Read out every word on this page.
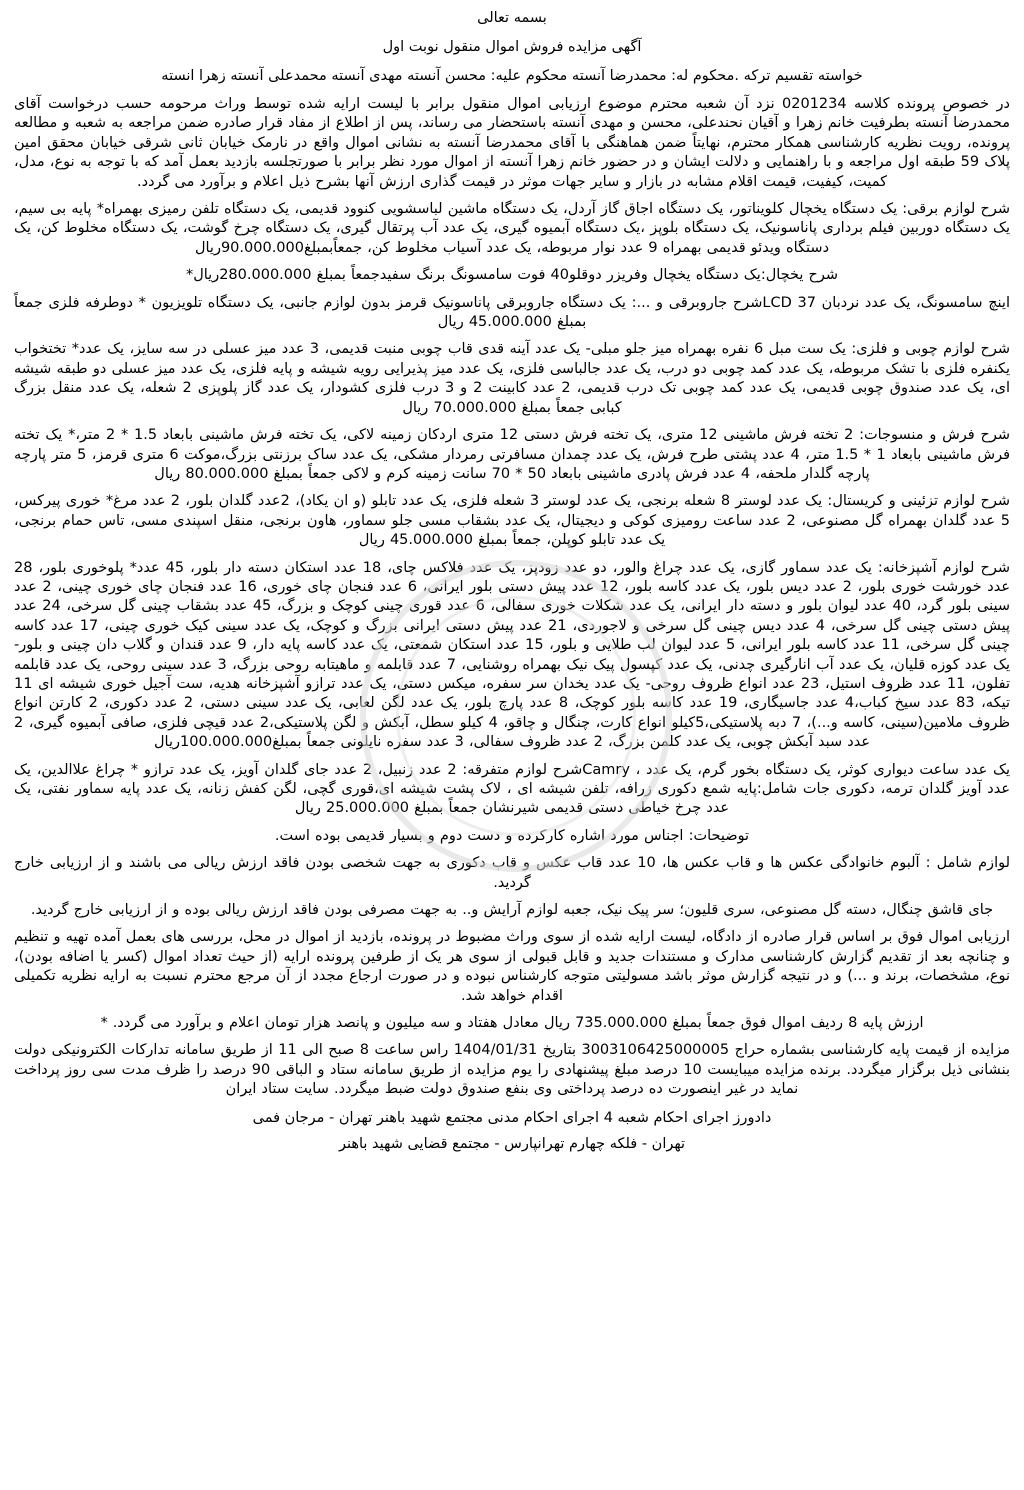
بسمه تعالی
آگهی مزایده فروش اموال منقول نوبت اول
خواسته تقسیم ترکه .محکوم له: محمدرضا آنسته محکوم علیه: محسن آنسته مهدی آنسته محمدعلی آنسته زهرا انسته

در خصوص پرونده کلاسه 0201234 نزد آن شعبه محترم موضوع ارزیابی اموال منقول برابر با لیست ارایه شده توسط وراث مرحومه حسب درخواست آقای محمدرضا آنسته بطرفیت خانم زهرا و آقیان نحندعلی، محسن و مهدی آنسته باستحضار می رساند، پس از اطلاع از مفاد قرار صادره ضمن مراجعه به شعبه و مطالعه پرونده، رویت نظریه کارشناسی همکار محترم، نهایتاً ضمن هماهنگی با آقای محمدرضا آنسته به نشانی اموال واقع در نارمک خیابان ثانی شرقی خیابان محقق امین پلاک 59 طبقه اول مراجعه و با راهنمایی و دلالت ایشان و در حضور خانم زهرا آنسته از اموال مورد نظر برابر با صورتجلسه بازدید بعمل آمد که با توجه به نوع، مدل، کمیت، کیفیت، قیمت اقلام مشابه در بازار و سایر جهات موثر در قیمت گذاری ارزش آنها بشرح ذیل اعلام و برآورد می گردد.

شرح لوازم برقی: یک دستگاه یخچال کلویناتور، یک دستگاه اجاق گاز آردل، یک دستگاه ماشین لباسشویی کنوود قدیمی، یک دستگاه تلفن رمیزی بهمراه* پایه بی سیم، یک دستگاه دوربین فیلم برداری پاناسونیک، یک دستگاه بلوپز ،یک دستگاه آبمیوه گیری، یک عدد آب پرتقال گیری، یک دستگاه چرخ گوشت، یک دستگاه مخلوط کن، یک دستگاه ویدئو قدیمی بهمراه 9 عدد نوار مربوطه، یک عدد آسیاب مخلوط کن، جمعاًبمبلغ90.000.000ریال

شرح یخچال:یک دستگاه یخچال وفریزر دوقلو40 فوت سامسونگ برنگ سفیدجمعاً بمبلغ 280.000.000ریال*

اینچ سامسونگ، یک عدد نردبان 37 LCDشرح جاروبرقی و ...: یک دستگاه جاروبرقی پاناسونیک قرمز بدون لوازم جانبی، یک دستگاه تلویزیون * دوطرفه فلزی جمعاً بمبلغ 45.000.000 ریال

شرح لوازم چوبی و فلزی: یک ست مبل 6 نفره بهمراه میز جلو مبلی- یک عدد آینه قدی قاب چوبی منبت قدیمی، 3 عدد میز عسلی در سه سایز، یک عدد* تختخواب یکنفره فلزی با تشک مربوطه، یک عدد کمد چوبی دو درب، یک عدد جالباسی فلزی، یک عدد میز پذیرایی رویه شیشه و پایه فلزی، یک عدد میز عسلی دو طبقه شیشه ای، یک عدد صندوق چوبی قدیمی، یک عدد کمد چوبی تک درب قدیمی، 2 عدد کابینت 2 و 3 درب فلزی کشودار، یک عدد گاز پلوپزی 2 شعله، یک عدد منقل بزرگ کبابی جمعاً بمبلغ 70.000.000 ریال

شرح فرش و منسوجات: 2 تخته فرش ماشینی 12 متری، یک تخته فرش دستی 12 متری اردکان زمینه لاکی، یک تخته فرش ماشینی بابعاد 1.5 * 2 متر،* یک تخته فرش ماشینی بابعاد 1 * 1.5 متر، 4 عدد پشتی طرح فرش، یک عدد چمدان مسافرتی رمردار مشکی، یک عدد ساک برزنتی بزرگ،موکت 6 متری قرمز، 5 متر پارچه پارچه گلدار ملحفه، 4 عدد فرش پادری ماشینی بابعاد 50 * 70 سانت زمینه کرم و لاکی جمعاً بمبلغ 80.000.000 ریال

شرح لوازم تزئینی و کریستال: یک عدد لوستر 8 شعله برنجی، یک عدد لوستر 3 شعله فلزی، یک عدد تابلو (و ان یکاد)، 2عدد گلدان بلور، 2 عدد مرغ* خوری پیرکس، 5 عدد گلدان بهمراه گل مصنوعی، 2 عدد ساعت رومیزی کوکی و دیجیتال، یک عدد بشقاب مسی جلو سماور، هاون برنجی، منقل اسپندی مسی، تاس حمام برنجی، یک عدد تابلو کوپلن، جمعاً بمبلغ 45.000.000 ریال

شرح لوازم آشپزخانه: یک عدد سماور گازی، یک عدد چراغ والور، دو عدد زودپز، یک عدد فلاکس چای، 18 عدد استکان دسته دار بلور، 45 عدد* پلوخوری بلور، 28 عدد خورشت خوری بلور، 2 عدد دیس بلور، یک عدد کاسه بلور، 12 عدد پیش دستی بلور ایرانی، 6 عدد فنجان چای خوری، 16 عدد فنجان چای خوری چینی، 2 عدد سینی بلور گرد، 40 عدد لیوان بلور و دسته دار ایرانی، یک عدد شکلات خوری سفالی، 6 عدد قوری چینی کوچک و بزرگ، 45 عدد بشقاب چینی گل سرخی، 24 عدد پیش دستی چینی گل سرخی، 4 عدد دیس چینی گل سرخی و لاجوردی، 21 عدد پیش دستی ایرانی بزرگ و کوچک، یک عدد سینی کیک خوری چینی، 17 عدد کاسه چینی گل سرخی، 11 عدد کاسه بلور ایرانی، 5 عدد لیوان لب طلایی و بلور، 15 عدد استکان شمعتی، یک عدد کاسه پایه دار، 9 عدد قندان و گلاب دان چینی و بلور- یک عدد کوزه قلیان، یک عدد آب انارگیری چدنی، یک عدد کپسول پیک نیک بهمراه روشنایی، 7 عدد قابلمه و ماهیتابه روحی بزرگ، 3 عدد سینی روحی، یک عدد قابلمه تفلون، 11 عدد ظروف استیل، 23 عدد انواع ظروف روحی- یک عدد یخدان سر سفره، میکس دستی، یک عدد ترازو آشپزخانه هدیه، ست آجیل خوری شیشه ای 11 تیکه، 83 عدد سیخ کباب،4 عدد جاسیگاری، 19 عدد کاسه بلور کوچک، 8 عدد پارچ بلور، یک عدد لگن لعابی، یک عدد سینی دستی، 2 عدد دکوری، 2 کارتن انواع ظروف ملامین(سینی، کاسه و...)، 7 دبه پلاستیکی،5کیلو انواع کارت، چنگال و چاقو، 4 کیلو سطل، آبکش و لگن پلاستیکی،2 عدد قیچی فلزی، صافی آبمیوه گیری، 2 عدد سبد آبکش چوبی، یک عدد کلمن بزرگ، 2 عدد ظروف سفالی، 3 عدد سفره نایلونی جمعاً بمبلغ100.000.000ریال

یک عدد ساعت دیواری کوثر، یک دستگاه بخور گرم، یک عدد ، Camryشرح لوازم متفرقه: 2 عدد زنبیل، 2 عدد جای گلدان آویز، یک عدد ترازو * چراغ علاالدین، یک عدد آویز گلدان ترمه، دکوری جات شامل:پایه شمع دکوری زرافه، تلفن شیشه ای ، لاک پشت شیشه ای،قوری گچی، لگن کفش زنانه، یک عدد پایه سماور نفتی، یک عدد چرخ خیاطی دستی قدیمی شیرنشان جمعاً بمبلغ 25.000.000 ریال

توضیحات: اجناس مورد اشاره کارکرده و دست دوم و بسیار قدیمی بوده است.

لوازم شامل : آلبوم خانوادگی عکس ها و قاب عکس ها، 10 عدد قاب عکس و قاب دکوری به جهت شخصی بودن فاقد ارزش ریالی می باشند و از ارزیابی خارج گردید.

جای قاشق چنگال، دسته گل مصنوعی، سری قلیون؛ سر پیک نیک، جعبه لوازم آرایش و.. به جهت مصرفی بودن فاقد ارزش ریالی بوده و از ارزیابی خارج گردید.

ارزیابی اموال فوق بر اساس قرار صادره از دادگاه، لیست ارایه شده از سوی وراث مضبوط در پرونده، بازدید از اموال در محل، بررسی های بعمل آمده تهیه و تنظیم و چنانچه بعد از تقدیم گزارش کارشناسی مدارک و مستندات جدید و قابل قبولی از سوی هر یک از طرفین پرونده ارایه (از حیث تعداد اموال (کسر یا اضافه بودن)، نوع، مشخصات، برند و ...) و در نتیجه گزارش موثر باشد مسولیتی متوجه کارشناس نبوده و در صورت ارجاع مجدد از آن مرجع محترم نسبت به ارایه نظریه تکمیلی اقدام خواهد شد.

ارزش پایه 8 ردیف اموال فوق جمعاً بمبلغ 735.000.000 ریال معادل هفتاد و سه میلیون و پانصد هزار تومان اعلام و برآورد می گردد. *

مزایده از قیمت پایه کارشناسی بشماره حراج 3003106425000005 بتاریخ 1404/01/31 راس ساعت 8 صبح الی 11 از طریق سامانه تدارکات الکترونیکی دولت بنشانی ذیل برگزار میگردد. برنده مزایده میبایست 10 درصد مبلغ پیشنهادی را یوم مزایده از طریق سامانه ستاد و الباقی 90 درصد را ظرف مدت سی روز پرداخت نماید در غیر اینصورت ده درصد پرداختی وی بنفع صندوق دولت ضبط میگردد. سایت ستاد ایران

دادورز اجرای احکام شعبه 4 اجرای احکام مدنی مجتمع شهید باهنر تهران - مرجان فمی
تهران - فلکه چهارم تهرانپارس - مجتمع قضایی شهید باهنر
